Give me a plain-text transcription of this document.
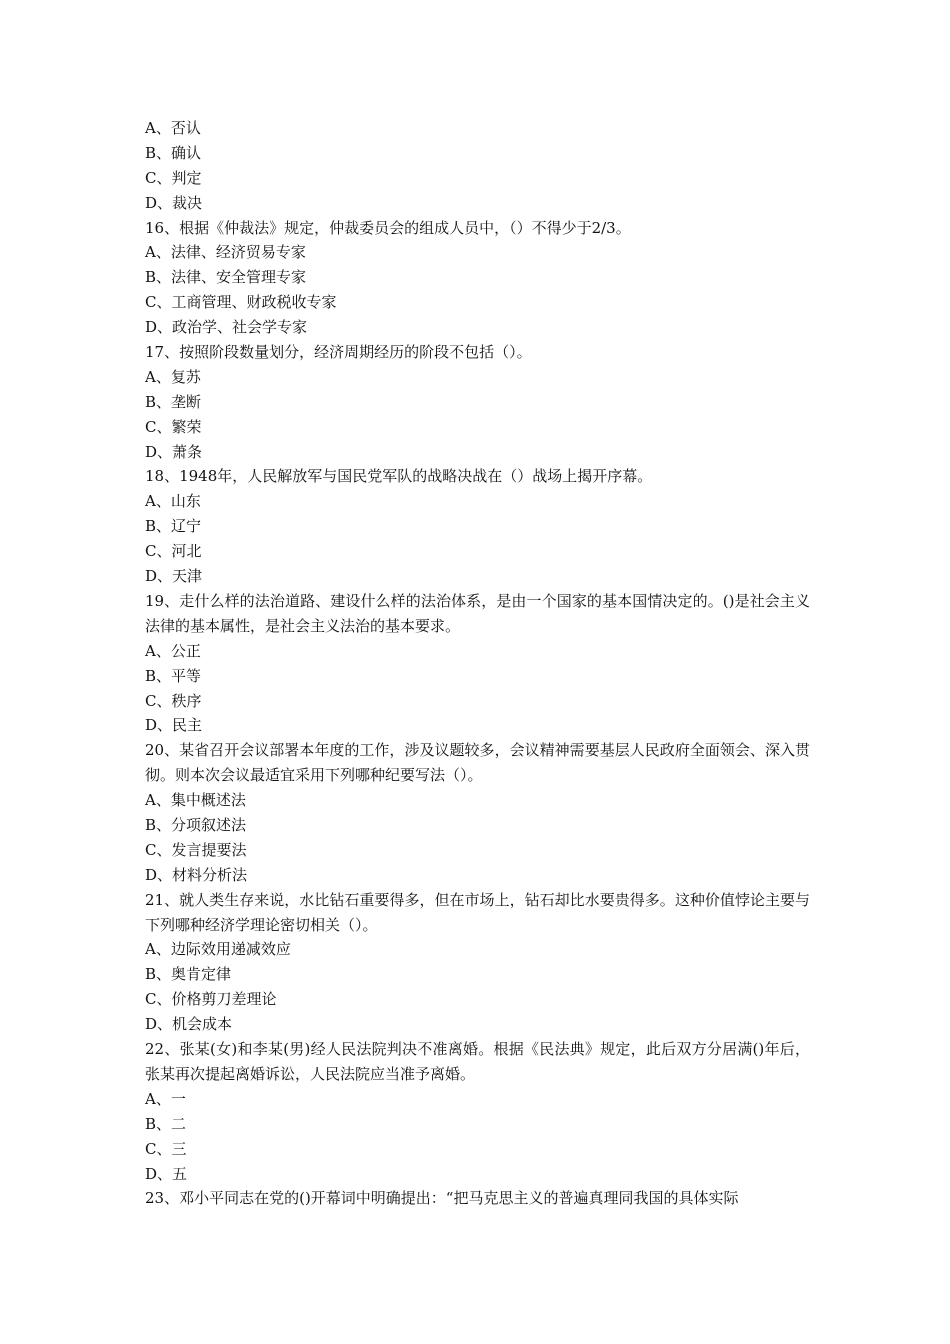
A、否认
B、确认
C、判定
D、裁决
16、根据《仲裁法》规定，仲裁委员会的组成人员中，（）不得少于2/3。
A、法律、经济贸易专家
B、法律、安全管理专家
C、工商管理、财政税收专家
D、政治学、社会学专家
17、按照阶段数量划分，经济周期经历的阶段不包括（）。
A、复苏
B、垄断
C、繁荣
D、萧条
18、1948年，人民解放军与国民党军队的战略决战在（）战场上揭开序幕。
A、山东
B、辽宁
C、河北
D、天津
19、走什么样的法治道路、建设什么样的法治体系，是由一个国家的基本国情决定的。()是社会主义法律的基本属性，是社会主义法治的基本要求。
A、公正
B、平等
C、秩序
D、民主
20、某省召开会议部署本年度的工作，涉及议题较多，会议精神需要基层人民政府全面领会、深入贯彻。则本次会议最适宜采用下列哪种纪要写法（）。
A、集中概述法
B、分项叙述法
C、发言提要法
D、材料分析法
21、就人类生存来说，水比钻石重要得多，但在市场上，钻石却比水要贵得多。这种价值悖论主要与下列哪种经济学理论密切相关（）。
A、边际效用递减效应
B、奥肯定律
C、价格剪刀差理论
D、机会成本
22、张某(女)和李某(男)经人民法院判决不准离婚。根据《民法典》规定，此后双方分居满()年后，张某再次提起离婚诉讼，人民法院应当准予离婚。
A、一
B、二
C、三
D、五
23、邓小平同志在党的()开幕词中明确提出：“把马克思主义的普遍真理同我国的具体实际
